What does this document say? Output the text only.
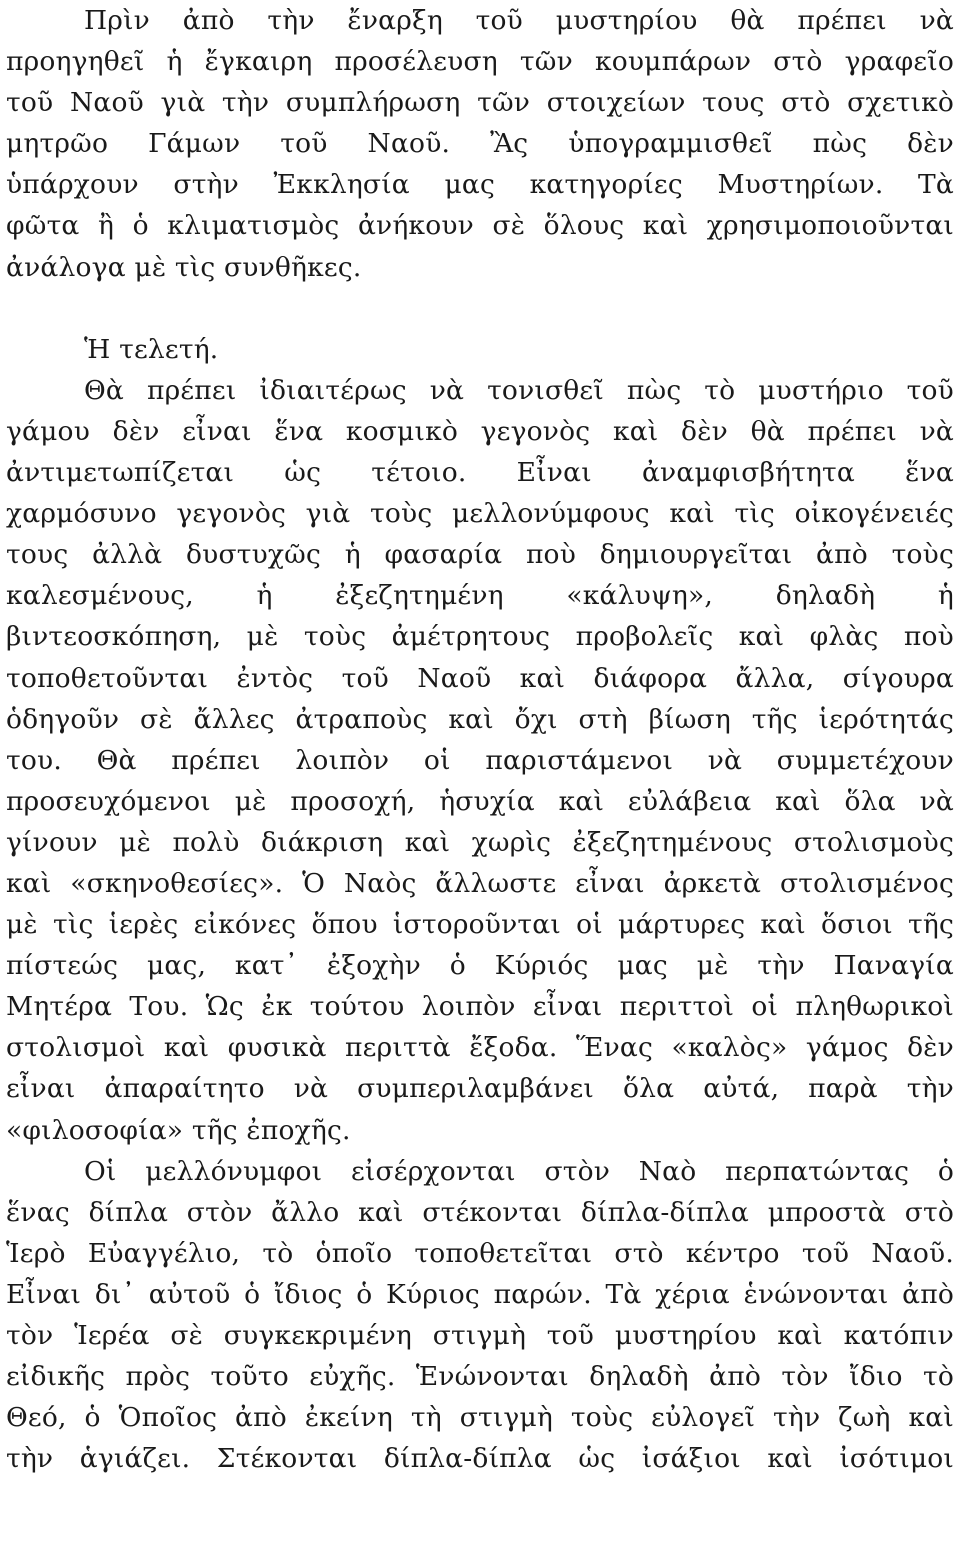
Πρὶν ἀπὸ τὴν ἔναρξη τοῦ μυστηρίου θὰ πρέπει νὰ
προηγηθεῖ ἡ ἔγκαιρη προσέλευση τῶν κουμπάρων στὸ γραφεῖο
τοῦ Ναοῦ γιὰ τὴν συμπλήρωση τῶν στοιχείων τους στὸ σχετικὸ
μητρῶο Γάμων τοῦ Ναοῦ. Ἂς ὑπογραμμισθεῖ πὼς δὲν
ὑπάρχουν στὴν Ἐκκλησία μας κατηγορίες Μυστηρίων. Τὰ
φῶτα ἢ ὁ κλιματισμὸς ἀνήκουν σὲ ὅλους καὶ χρησιμοποιοῦνται
ἀνάλογα μὲ τὶς συνθῆκες.
Ἡ τελετή.
Θὰ πρέπει ἰδιαιτέρως νὰ τονισθεῖ πὼς τὸ μυστήριο τοῦ
γάμου δὲν εἶναι ἕνα κοσμικὸ γεγονὸς καὶ δὲν θὰ πρέπει νὰ
ἀντιμετωπίζεται ὡς τέτοιο. Εἶναι ἀναμφισβήτητα ἕνα
χαρμόσυνο γεγονὸς γιὰ τοὺς μελλονύμφους καὶ τὶς οἰκογένειές
τους ἀλλὰ δυστυχῶς ἡ φασαρία ποὺ δημιουργεῖται ἀπὸ τοὺς
καλεσμένους, ἡ ἐξεζητημένη «κάλυψη», δηλαδὴ ἡ
βιντεοσκόπηση, μὲ τοὺς ἀμέτρητους προβολεῖς καὶ φλὰς ποὺ
τοποθετοῦνται ἐντὸς τοῦ Ναοῦ καὶ διάφορα ἄλλα, σίγουρα
ὁδηγοῦν σὲ ἄλλες ἀτραποὺς καὶ ὄχι στὴ βίωση τῆς ἱερότητάς
του. Θὰ πρέπει λοιπὸν οἱ παριστάμενοι νὰ συμμετέχουν
προσευχόμενοι μὲ προσοχή, ἡσυχία καὶ εὐλάβεια καὶ ὅλα νὰ
γίνουν μὲ πολὺ διάκριση καὶ χωρὶς ἐξεζητημένους στολισμοὺς
καὶ «σκηνοθεσίες». Ὁ Ναὸς ἄλλωστε εἶναι ἀρκετὰ στολισμένος
μὲ τὶς ἱερὲς εἰκόνες ὅπου ἱστοροῦνται οἱ μάρτυρες καὶ ὅσιοι τῆς
πίστεώς μας, κατ᾽ ἐξοχὴν ὁ Κύριός μας μὲ τὴν Παναγία
Μητέρα Του. Ὡς ἐκ τούτου λοιπὸν εἶναι περιττοὶ οἱ πληθωρικοὶ
στολισμοὶ καὶ φυσικὰ περιττὰ ἔξοδα. Ἕνας «καλὸς» γάμος δὲν
εἶναι ἀπαραίτητο νὰ συμπεριλαμβάνει ὅλα αὐτά, παρὰ τὴν
«φιλοσοφία» τῆς ἐποχῆς.
Οἱ μελλόνυμφοι εἰσέρχονται στὸν Ναὸ περπατώντας ὁ
ἕνας δίπλα στὸν ἄλλο καὶ στέκονται δίπλα-δίπλα μπροστὰ στὸ
Ἱερὸ Εὐαγγέλιο, τὸ ὁποῖο τοποθετεῖται στὸ κέντρο τοῦ Ναοῦ.
Εἶναι δι᾽ αὐτοῦ ὁ ἴδιος ὁ Κύριος παρών. Τὰ χέρια ἑνώνονται ἀπὸ
τὸν Ἱερέα σὲ συγκεκριμένη στιγμὴ τοῦ μυστηρίου καὶ κατόπιν
εἰδικῆς πρὸς τοῦτο εὐχῆς. Ἑνώνονται δηλαδὴ ἀπὸ τὸν ἴδιο τὸ
Θεό, ὁ Ὁποῖος ἀπὸ ἐκείνη τὴ στιγμὴ τοὺς εὐλογεῖ τὴν ζωὴ καὶ
τὴν ἁγιάζει. Στέκονται δίπλα-δίπλα ὡς ἰσάξιοι καὶ ἰσότιμοι
